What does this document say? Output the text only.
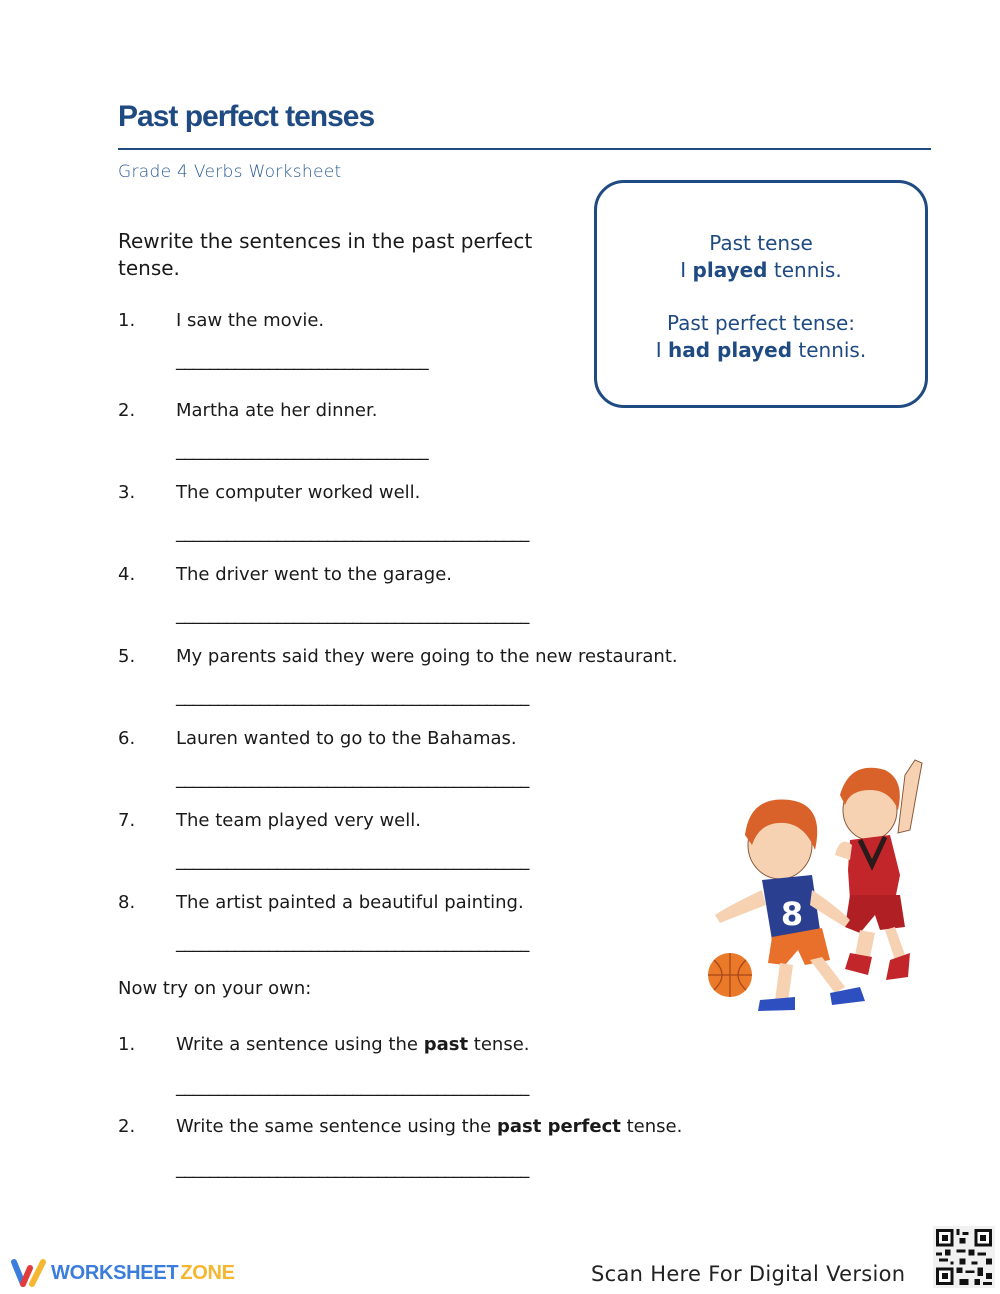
Past perfect tenses
Grade 4 Verbs Worksheet
Rewrite the sentences in the past perfect tense.
Past tense
I played tennis.
Past perfect tense:
I had played tennis.
1. I saw the movie.
______________________________
2. Martha ate her dinner.
______________________________
3. The computer worked well.
__________________________________________
4. The driver went to the garage.
__________________________________________
5. My parents said they were going to the new restaurant.
__________________________________________
6. Lauren wanted to go to the Bahamas.
__________________________________________
7. The team played very well.
__________________________________________
8. The artist painted a beautiful painting.
__________________________________________
Now try on your own:
1. Write a sentence using the past tense.
__________________________________________
2. Write the same sentence using the past perfect tense.
__________________________________________
8
WORKSHEET ZONE	Scan Here For Digital Version
